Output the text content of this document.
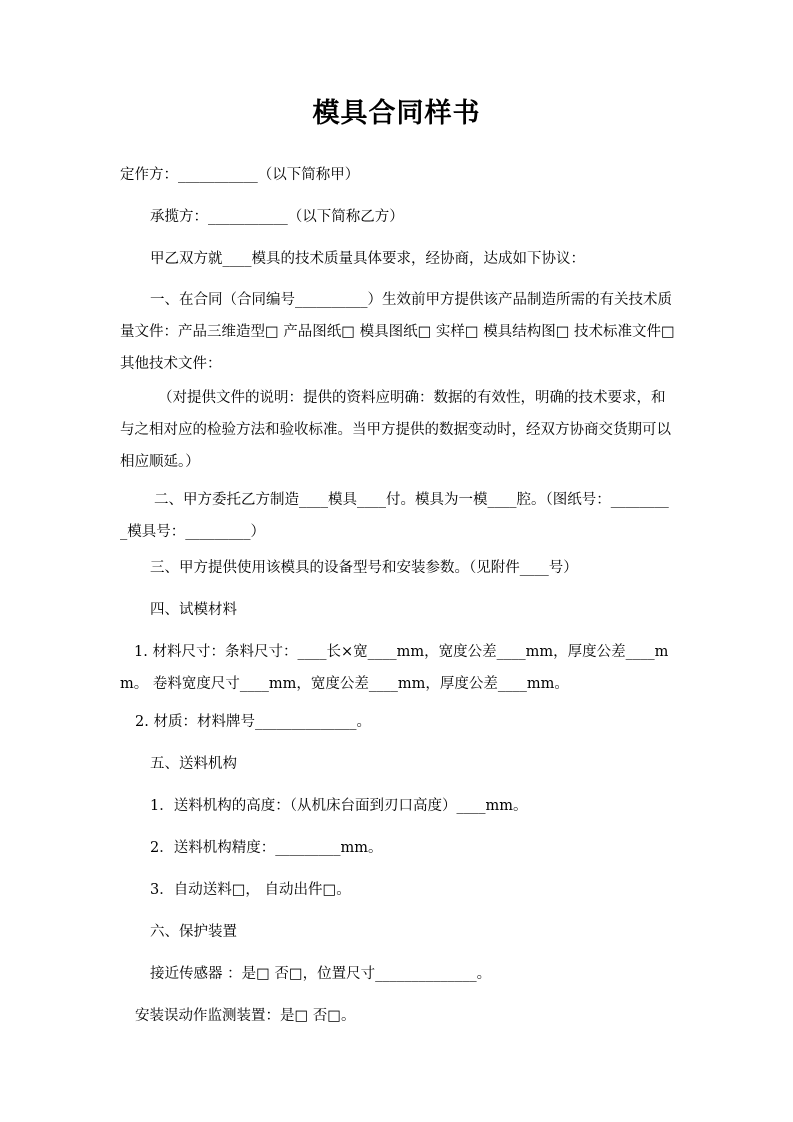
模具合同样书

定作方：___________（以下简称甲）

承揽方：___________（以下简称乙方）

甲乙双方就____模具的技术质量具体要求，经协商，达成如下协议：

一、在合同（合同编号__________）生效前甲方提供该产品制造所需的有关技术质量文件：产品三维造型□ 产品图纸□ 模具图纸□ 实样□ 模具结构图□ 技术标准文件□ 其他技术文件：

（对提供文件的说明：提供的资料应明确：数据的有效性，明确的技术要求，和与之相对应的检验方法和验收标准。当甲方提供的数据变动时，经双方协商交货期可以相应顺延。）

二、甲方委托乙方制造____模具____付。模具为一模____腔。（图纸号：_________模具号：_________）

三、甲方提供使用该模具的设备型号和安装参数。（见附件____号）

四、试模材料

1. 材料尺寸：条料尺寸：____长×宽____mm，宽度公差____mm，厚度公差____mm。 卷料宽度尺寸____mm，宽度公差____mm，厚度公差____mm。

2. 材质：材料牌号______________。

五、送料机构

1．送料机构的高度：（从机床台面到刃口高度）____mm。

2．送料机构精度：_________mm。

3．自动送料□， 自动出件□。

六、保护装置

接近传感器 ：是□ 否□，位置尺寸______________。

安装误动作监测装置：是□ 否□。
